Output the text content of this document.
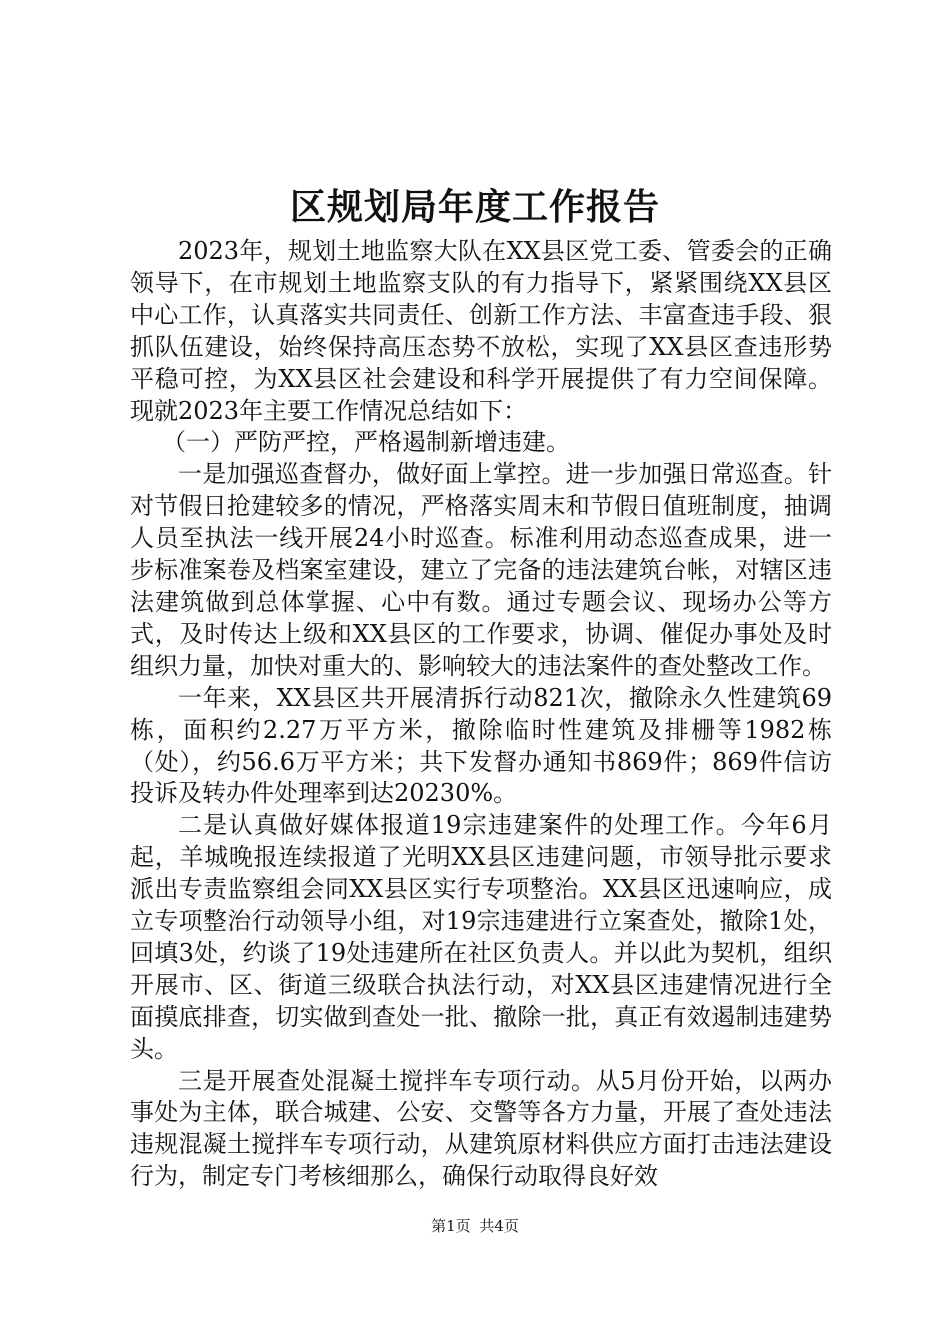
区规划局年度工作报告

2023年，规划土地监察大队在XX县区党工委、管委会的正确领导下，在市规划土地监察支队的有力指导下，紧紧围绕XX县区中心工作，认真落实共同责任、创新工作方法、丰富查违手段、狠抓队伍建设，始终保持高压态势不放松，实现了XX县区查违形势平稳可控，为XX县区社会建设和科学开展提供了有力空间保障。现就2023年主要工作情况总结如下：

（一）严防严控，严格遏制新增违建。

一是加强巡查督办，做好面上掌控。进一步加强日常巡查。针对节假日抢建较多的情况，严格落实周末和节假日值班制度，抽调人员至执法一线开展24小时巡查。标准利用动态巡查成果，进一步标准案卷及档案室建设，建立了完备的违法建筑台帐，对辖区违法建筑做到总体掌握、心中有数。通过专题会议、现场办公等方式，及时传达上级和XX县区的工作要求，协调、催促办事处及时组织力量，加快对重大的、影响较大的违法案件的查处整改工作。

一年来，XX县区共开展清拆行动821次，撤除永久性建筑69栋，面积约2.27万平方米，撤除临时性建筑及排栅等1982栋（处），约56.6万平方米；共下发督办通知书869件；869件信访投诉及转办件处理率到达20230%。

二是认真做好媒体报道19宗违建案件的处理工作。今年6月起，羊城晚报连续报道了光明XX县区违建问题，市领导批示要求派出专责监察组会同XX县区实行专项整治。XX县区迅速响应，成立专项整治行动领导小组，对19宗违建进行立案查处，撤除1处，回填3处，约谈了19处违建所在社区负责人。并以此为契机，组织开展市、区、街道三级联合执法行动，对XX县区违建情况进行全面摸底排查，切实做到查处一批、撤除一批，真正有效遏制违建势头。

三是开展查处混凝土搅拌车专项行动。从5月份开始，以两办事处为主体，联合城建、公安、交警等各方力量，开展了查处违法违规混凝土搅拌车专项行动，从建筑原材料供应方面打击违法建设行为，制定专门考核细那么，确保行动取得良好效

第1页 共4页
